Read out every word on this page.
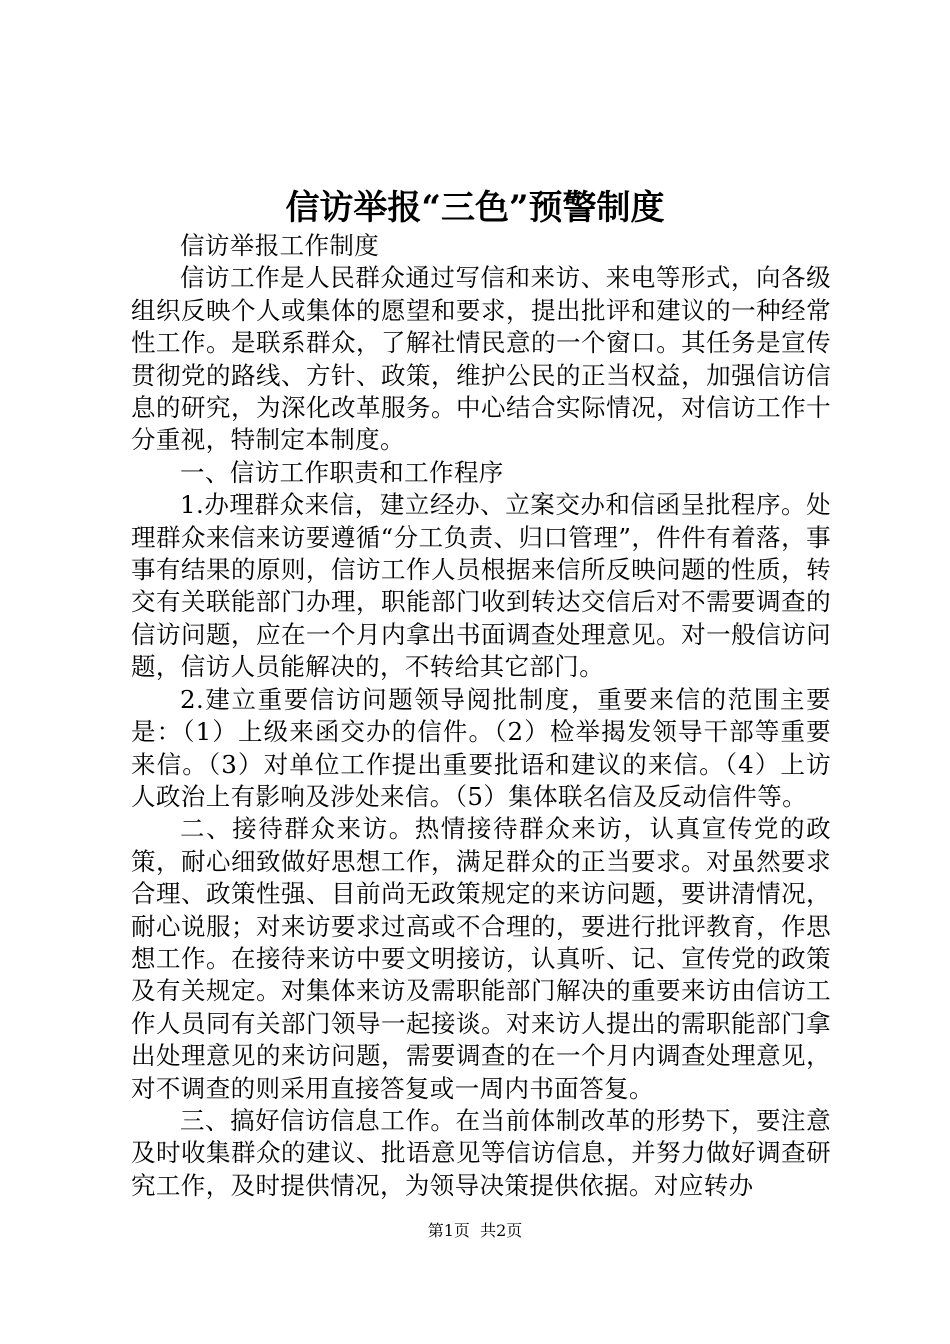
信访举报“三色”预警制度

信访举报工作制度

信访工作是人民群众通过写信和来访、来电等形式，向各级组织反映个人或集体的愿望和要求，提出批评和建议的一种经常性工作。是联系群众，了解社情民意的一个窗口。其任务是宣传贯彻党的路线、方针、政策，维护公民的正当权益，加强信访信息的研究，为深化改革服务。中心结合实际情况，对信访工作十分重视，特制定本制度。

一、信访工作职责和工作程序

1.办理群众来信，建立经办、立案交办和信函呈批程序。处理群众来信来访要遵循“分工负责、归口管理”，件件有着落，事事有结果的原则，信访工作人员根据来信所反映问题的性质，转交有关联能部门办理，职能部门收到转达交信后对不需要调查的信访问题，应在一个月内拿出书面调查处理意见。对一般信访问题，信访人员能解决的，不转给其它部门。

2.建立重要信访问题领导阅批制度，重要来信的范围主要是：（1）上级来函交办的信件。（2）检举揭发领导干部等重要来信。（3）对单位工作提出重要批语和建议的来信。（4）上访人政治上有影响及涉处来信。（5）集体联名信及反动信件等。

二、接待群众来访。热情接待群众来访，认真宣传党的政策，耐心细致做好思想工作，满足群众的正当要求。对虽然要求合理、政策性强、目前尚无政策规定的来访问题，要讲清情况，耐心说服；对来访要求过高或不合理的，要进行批评教育，作思想工作。在接待来访中要文明接访，认真听、记、宣传党的政策及有关规定。对集体来访及需职能部门解决的重要来访由信访工作人员同有关部门领导一起接谈。对来访人提出的需职能部门拿出处理意见的来访问题，需要调查的在一个月内调查处理意见，对不调查的则采用直接答复或一周内书面答复。

三、搞好信访信息工作。在当前体制改革的形势下，要注意及时收集群众的建议、批语意见等信访信息，并努力做好调查研究工作，及时提供情况，为领导决策提供依据。对应转办

第1页  共2页
